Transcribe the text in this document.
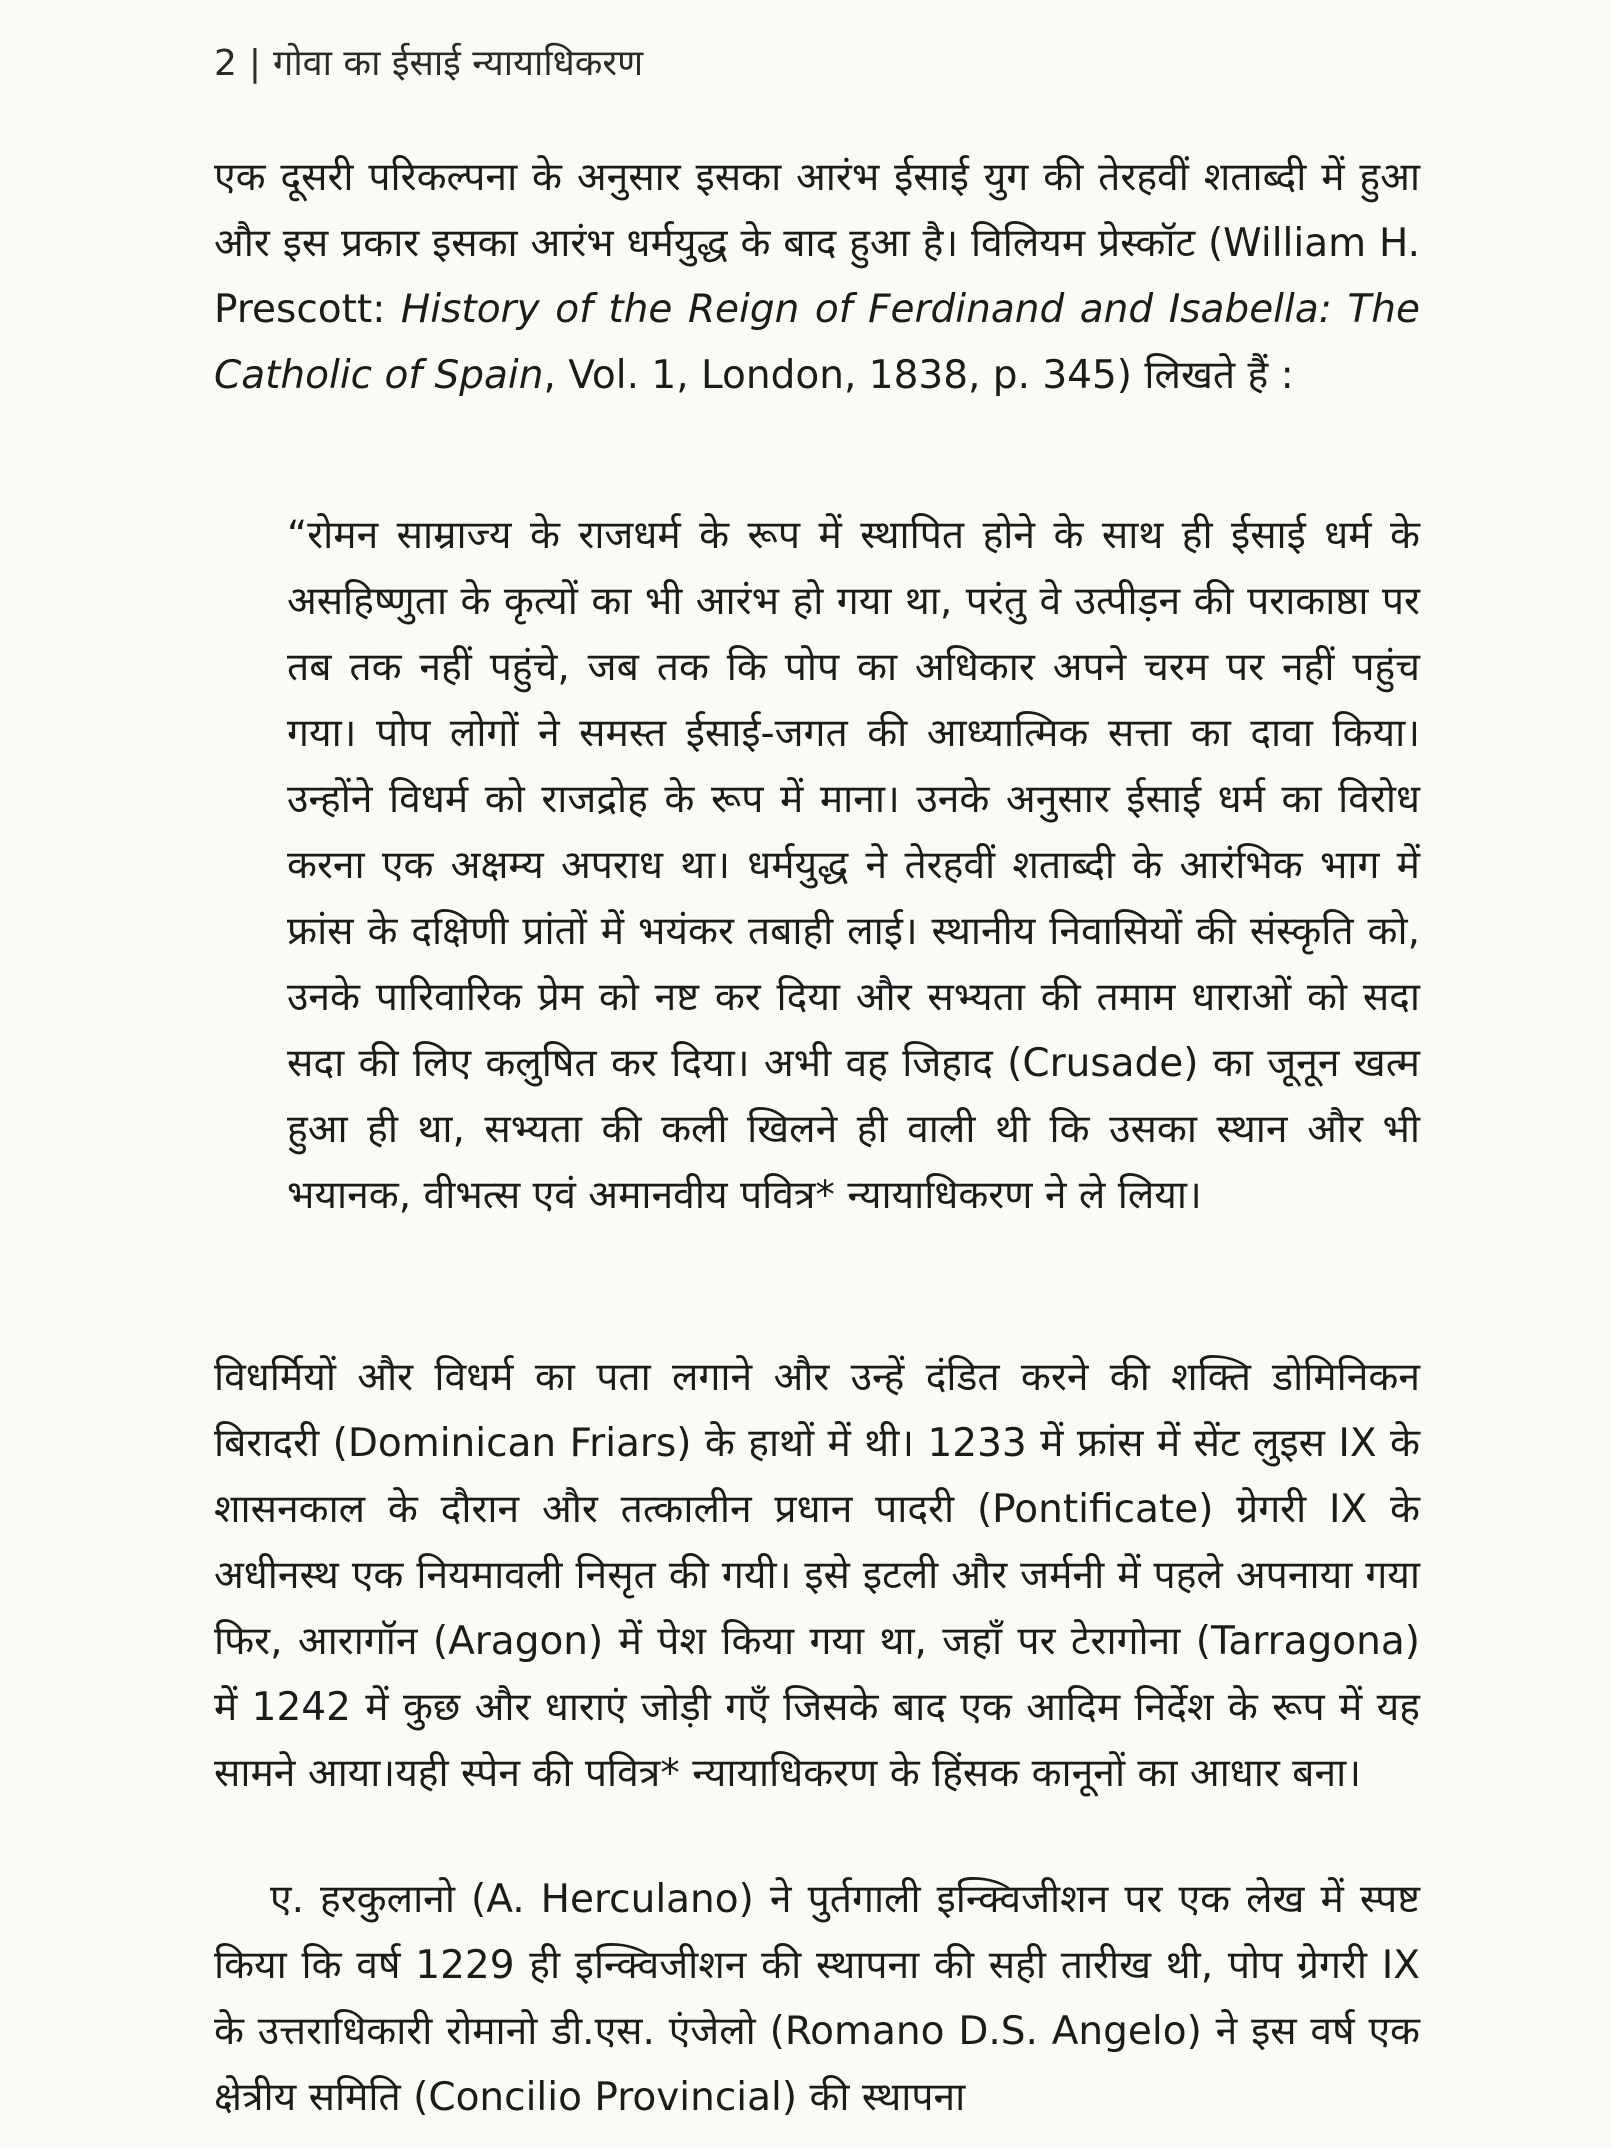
2 | गोवा का ईसाई न्यायाधिकरण

एक दूसरी परिकल्पना के अनुसार इसका आरंभ ईसाई युग की तेरहवीं शताब्दी में हुआ और इस प्रकार इसका आरंभ धर्मयुद्ध के बाद हुआ है। विलियम प्रेस्कॉट (William H. Prescott: History of the Reign of Ferdinand and Isabella: The Catholic of Spain, Vol. 1, London, 1838, p. 345) लिखते हैं :

“रोमन साम्राज्य के राजधर्म के रूप में स्थापित होने के साथ ही ईसाई धर्म के असहिष्णुता के कृत्यों का भी आरंभ हो गया था, परंतु वे उत्पीड़न की पराकाष्ठा पर तब तक नहीं पहुंचे, जब तक कि पोप का अधिकार अपने चरम पर नहीं पहुंच गया। पोप लोगों ने समस्त ईसाई-जगत की आध्यात्मिक सत्ता का दावा किया। उन्होंने विधर्म को राजद्रोह के रूप में माना। उनके अनुसार ईसाई धर्म का विरोध करना एक अक्षम्य अपराध था। धर्मयुद्ध ने तेरहवीं शताब्दी के आरंभिक भाग में फ्रांस के दक्षिणी प्रांतों में भयंकर तबाही लाई। स्थानीय निवासियों की संस्कृति को, उनके पारिवारिक प्रेम को नष्ट कर दिया और सभ्यता की तमाम धाराओं को सदा सदा की लिए कलुषित कर दिया। अभी वह जिहाद (Crusade) का जूनून खत्म हुआ ही था, सभ्यता की कली खिलने ही वाली थी कि उसका स्थान और भी भयानक, वीभत्स एवं अमानवीय पवित्र* न्यायाधिकरण ने ले लिया।

विधर्मियों और विधर्म का पता लगाने और उन्हें दंडित करने की शक्ति डोमिनिकन बिरादरी (Dominican Friars) के हाथों में थी। 1233 में फ्रांस में सेंट लुइस IX के शासनकाल के दौरान और तत्कालीन प्रधान पादरी (Pontificate) ग्रेगरी IX के अधीनस्थ एक नियमावली निसृत की गयी। इसे इटली और जर्मनी में पहले अपनाया गया फिर, आरागॉन (Aragon) में पेश किया गया था, जहाँ पर टेरागोना (Tarragona) में 1242 में कुछ और धाराएं जोड़ी गएँ जिसके बाद एक आदिम निर्देश के रूप में यह सामने आया।यही स्पेन की पवित्र* न्यायाधिकरण के हिंसक कानूनों का आधार बना।

ए. हरकुलानो (A. Herculano) ने पुर्तगाली इन्क्विजीशन पर एक लेख में स्पष्ट किया कि वर्ष 1229 ही इन्क्विजीशन की स्थापना की सही तारीख थी, पोप ग्रेगरी IX के उत्तराधिकारी रोमानो डी.एस. एंजेलो (Romano D.S. Angelo) ने इस वर्ष एक क्षेत्रीय समिति (Concilio Provincial) की स्थापना
